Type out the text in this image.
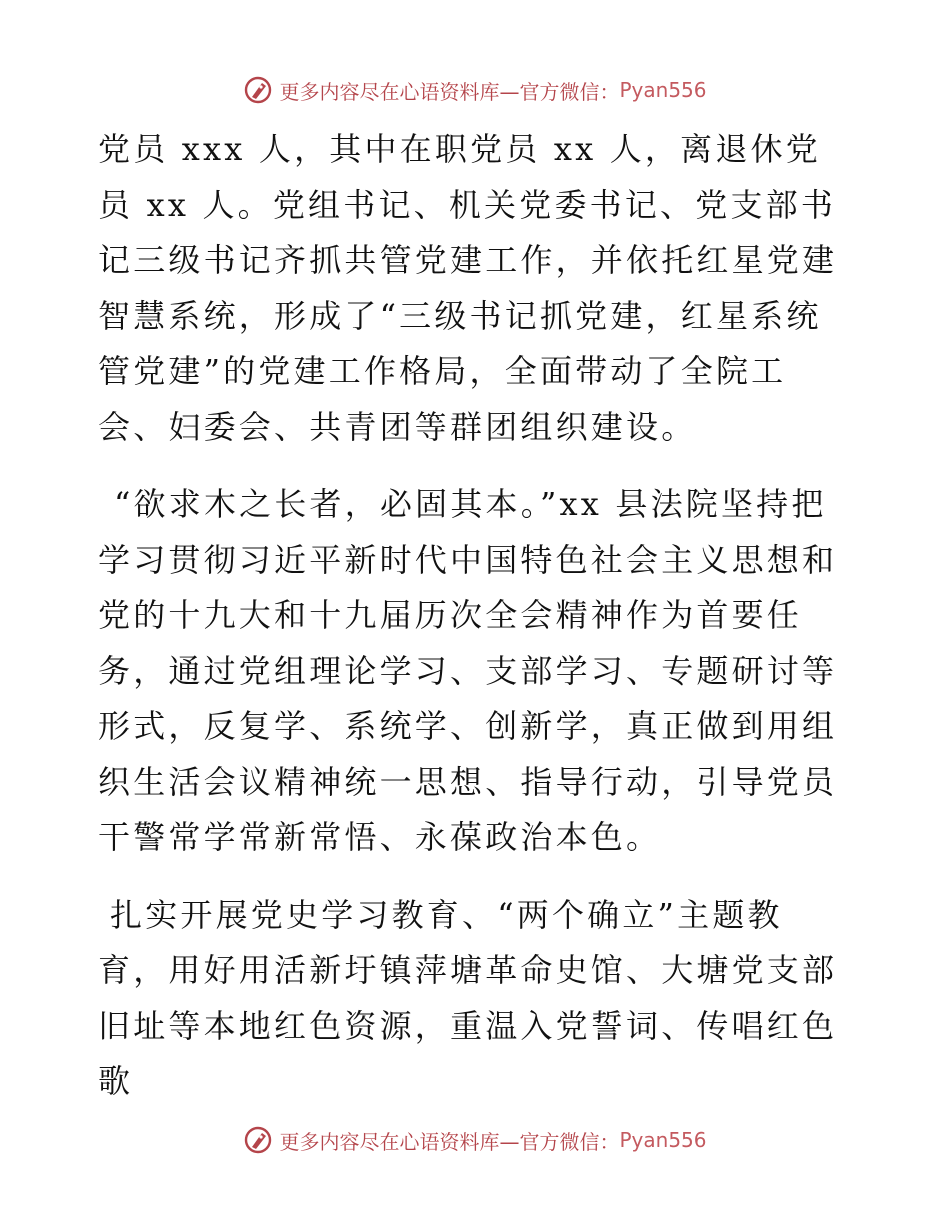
更多内容尽在心语资料库—官方微信： Pyan556

党员 xxx 人，其中在职党员 xx 人，离退休党员 xx 人。党组书记、机关党委书记、党支部书记三级书记齐抓共管党建工作，并依托红星党建智慧系统，形成了“三级书记抓党建，红星系统管党建”的党建工作格局，全面带动了全院工会、妇委会、共青团等群团组织建设。

“欲求木之长者，必固其本。”xx 县法院坚持把学习贯彻习近平新时代中国特色社会主义思想和党的十九大和十九届历次全会精神作为首要任务，通过党组理论学习、支部学习、专题研讨等形式，反复学、系统学、创新学，真正做到用组织生活会议精神统一思想、指导行动，引导党员干警常学常新常悟、永葆政治本色。

扎实开展党史学习教育、“两个确立”主题教育，用好用活新圩镇萍塘革命史馆、大塘党支部旧址等本地红色资源，重温入党誓词、传唱红色歌

更多内容尽在心语资料库—官方微信： Pyan556
